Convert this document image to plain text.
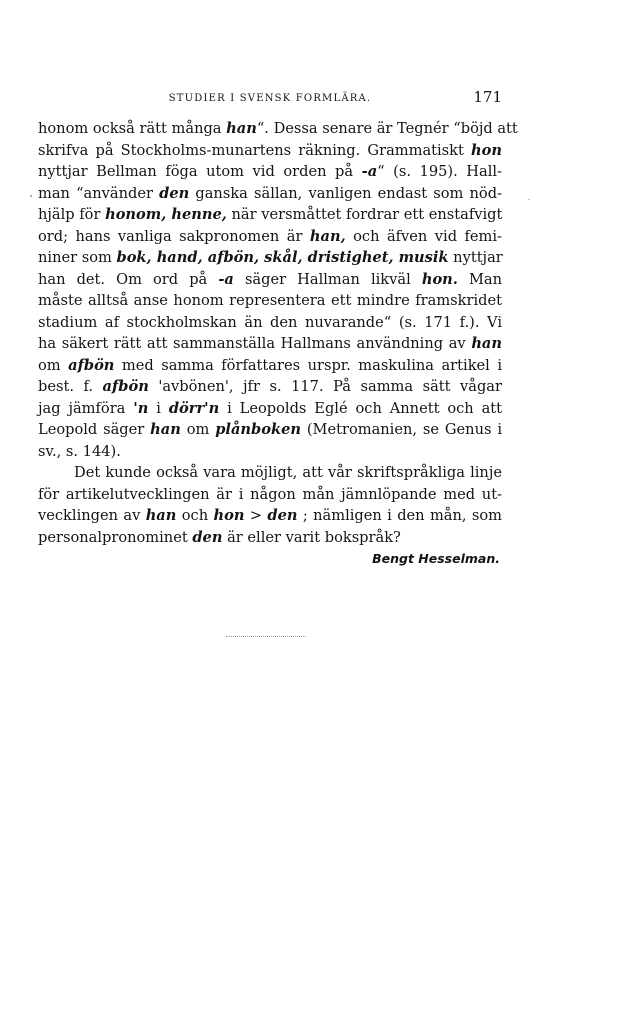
STUDIER I SVENSK FORMLÄRA.	171
'	·
honom också rätt många han“. Dessa senare är Tegnér “böjd att
skrifva på Stockholms-munartens räkning. Grammatiskt hon
nyttjar Bellman föga utom vid orden på -a“ (s. 195). Hall-
man “använder den ganska sällan, vanligen endast som nöd-
hjälp för honom, henne, när versmåttet fordrar ett enstafvigt
ord; hans vanliga sakpronomen är han, och äfven vid femi-
niner som bok, hand, afbön, skål, dristighet, musik nyttjar
han det. Om ord på -a säger Hallman likväl hon. Man
måste alltså anse honom representera ett mindre framskridet
stadium af stockholmskan än den nuvarande“ (s. 171 f.). Vi
ha säkert rätt att sammanställa Hallmans användning av han
om afbön med samma författares urspr. maskulina artikel i
best. f. afbön 'avbönen', jfr s. 117. På samma sätt vågar
jag jämföra 'n i dörr'n i Leopolds Eglé och Annett och att
Leopold säger han om plånboken (Metromanien, se Genus i
sv., s. 144).
Det kunde också vara möjligt, att vår skriftspråkliga linje
för artikelutvecklingen är i någon mån jämnlöpande med ut-
vecklingen av han och hon > den ; nämligen i den mån, som
personalpronominet den är eller varit bokspråk?
Bengt Hesselman.
